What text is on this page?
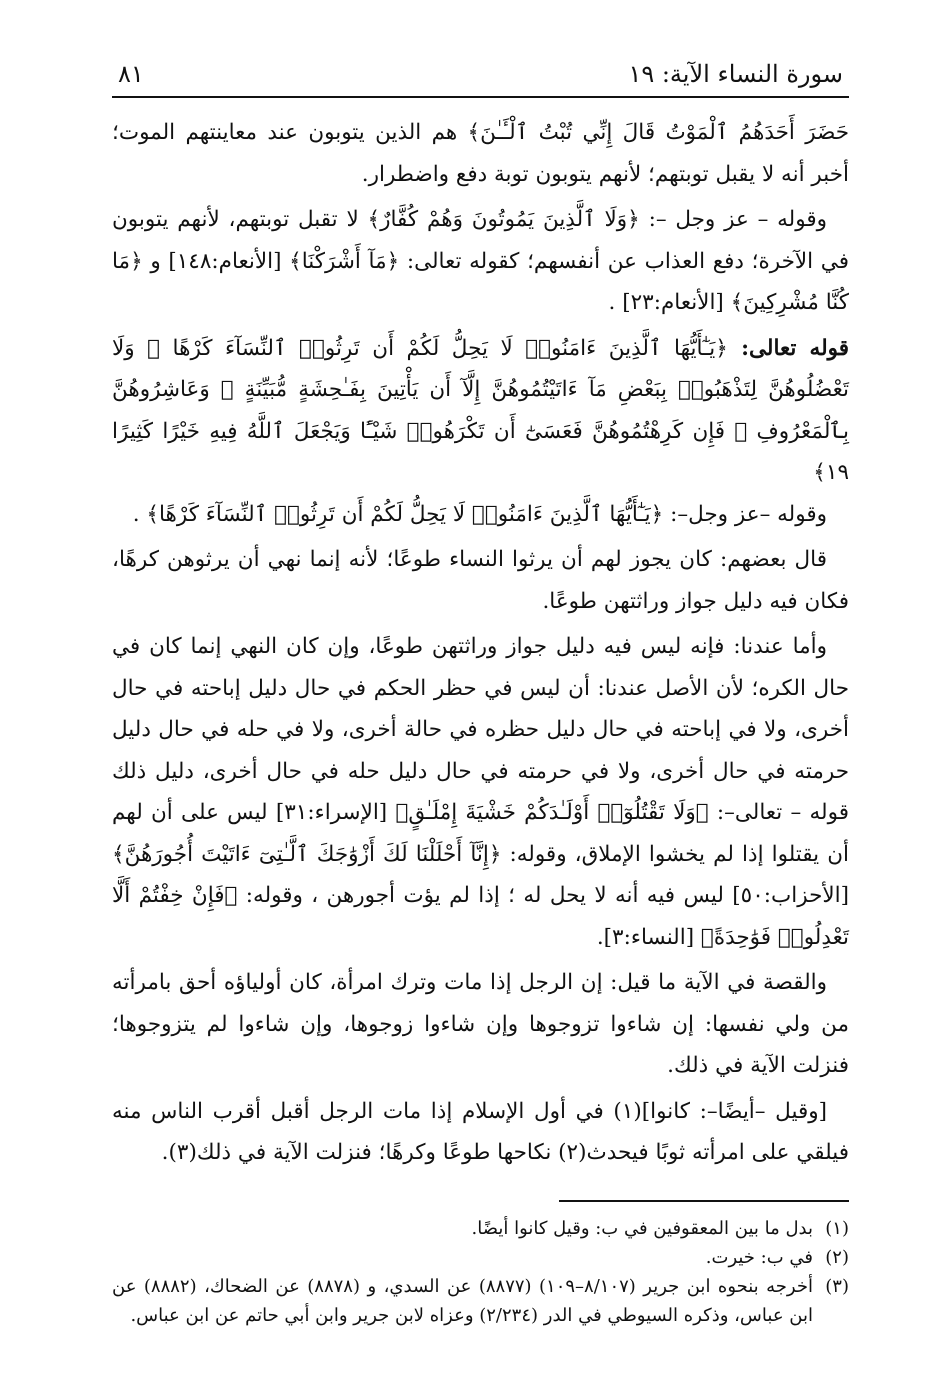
سورة النساء الآية: ١٩
٨١

حَضَرَ أَحَدَهُمُ ٱلْمَوْتُ قَالَ إِنِّي تُبْتُ ٱلْـَٔـٰنَ﴾ هم الذين يتوبون عند معاينتهم الموت؛ أخبر أنه لا يقبل توبتهم؛ لأنهم يتوبون توبة دفع واضطرار.

وقوله – عز وجل –: ﴿وَلَا ٱلَّذِينَ يَمُوتُونَ وَهُمْ كُفَّارٌ﴾ لا تقبل توبتهم، لأنهم يتوبون في الآخرة؛ دفع العذاب عن أنفسهم؛ كقوله تعالى: ﴿مَآ أَشْرَكْنَا﴾ [الأنعام:١٤٨] و ﴿مَا كُنَّا مُشْرِكِينَ﴾ [الأنعام:٢٣] .

قوله تعالى: ﴿يَـٰٓأَيُّهَا ٱلَّذِينَ ءَامَنُوا۟ لَا يَحِلُّ لَكُمْ أَن تَرِثُوا۟ ٱلنِّسَآءَ كَرْهًا ۖ وَلَا تَعْضُلُوهُنَّ لِتَذْهَبُوا۟ بِبَعْضِ مَآ ءَاتَيْتُمُوهُنَّ إِلَّآ أَن يَأْتِينَ بِفَـٰحِشَةٍ مُّبَيِّنَةٍ ۚ وَعَاشِرُوهُنَّ بِٱلْمَعْرُوفِ ۚ فَإِن كَرِهْتُمُوهُنَّ فَعَسَىٰٓ أَن تَكْرَهُوا۟ شَيْـًٔا وَيَجْعَلَ ٱللَّهُ فِيهِ خَيْرًا كَثِيرًا ١٩﴾

وقوله –عز وجل–: ﴿يَـٰٓأَيُّهَا ٱلَّذِينَ ءَامَنُوا۟ لَا يَحِلُّ لَكُمْ أَن تَرِثُوا۟ ٱلنِّسَآءَ كَرْهًا﴾ .

قال بعضهم: كان يجوز لهم أن يرثوا النساء طوعًا؛ لأنه إنما نهي أن يرثوهن كرهًا، فكان فيه دليل جواز وراثتهن طوعًا.

وأما عندنا: فإنه ليس فيه دليل جواز وراثتهن طوعًا، وإن كان النهي إنما كان في حال الكره؛ لأن الأصل عندنا: أن ليس في حظر الحكم في حال دليل إباحته في حال أخرى، ولا في إباحته في حال دليل حظره في حالة أخرى، ولا في حله في حال دليل حرمته في حال أخرى، ولا في حرمته في حال دليل حله في حال أخرى، دليل ذلك قوله – تعالى–: ﴿وَلَا تَقْتُلُوٓا۟ أَوْلَـٰدَكُمْ خَشْيَةَ إِمْلَـٰقٍ﴾ [الإسراء:٣١] ليس على أن لهم أن يقتلوا إذا لم يخشوا الإملاق، وقوله: ﴿إِنَّآ أَحْلَلْنَا لَكَ أَزْوَٰجَكَ ٱلَّـٰتِىٓ ءَاتَيْتَ أُجُورَهُنَّ﴾ [الأحزاب:٥٠] ليس فيه أنه لا يحل له ؛ إذا لم يؤت أجورهن ، وقوله: ﴿فَإِنْ خِفْتُمْ أَلَّا تَعْدِلُوا۟ فَوَٰحِدَةً﴾ [النساء:٣].

والقصة في الآية ما قيل: إن الرجل إذا مات وترك امرأة، كان أولياؤه أحق بامرأته من ولي نفسها: إن شاءوا تزوجوها وإن شاءوا زوجوها، وإن شاءوا لم يتزوجوها؛ فنزلت الآية في ذلك.

[وقيل –أيضًا–: كانوا](١) في أول الإسلام إذا مات الرجل أقبل أقرب الناس منه فيلقي على امرأته ثوبًا فيحدث(٢) نكاحها طوعًا وكرهًا؛ فنزلت الآية في ذلك(٣).

(١)
بدل ما بين المعقوفين في ب: وقيل كانوا أيضًا.
(٢)
في ب: خيرت.
(٣)
أخرجه بنحوه ابن جرير (٨/١٠٧–١٠٩) (٨٨٧٧) عن السدي، و (٨٨٧٨) عن الضحاك، (٨٨٨٢) عن ابن عباس، وذكره السيوطي في الدر (٢/٢٣٤) وعزاه لابن جرير وابن أبي حاتم عن ابن عباس.
